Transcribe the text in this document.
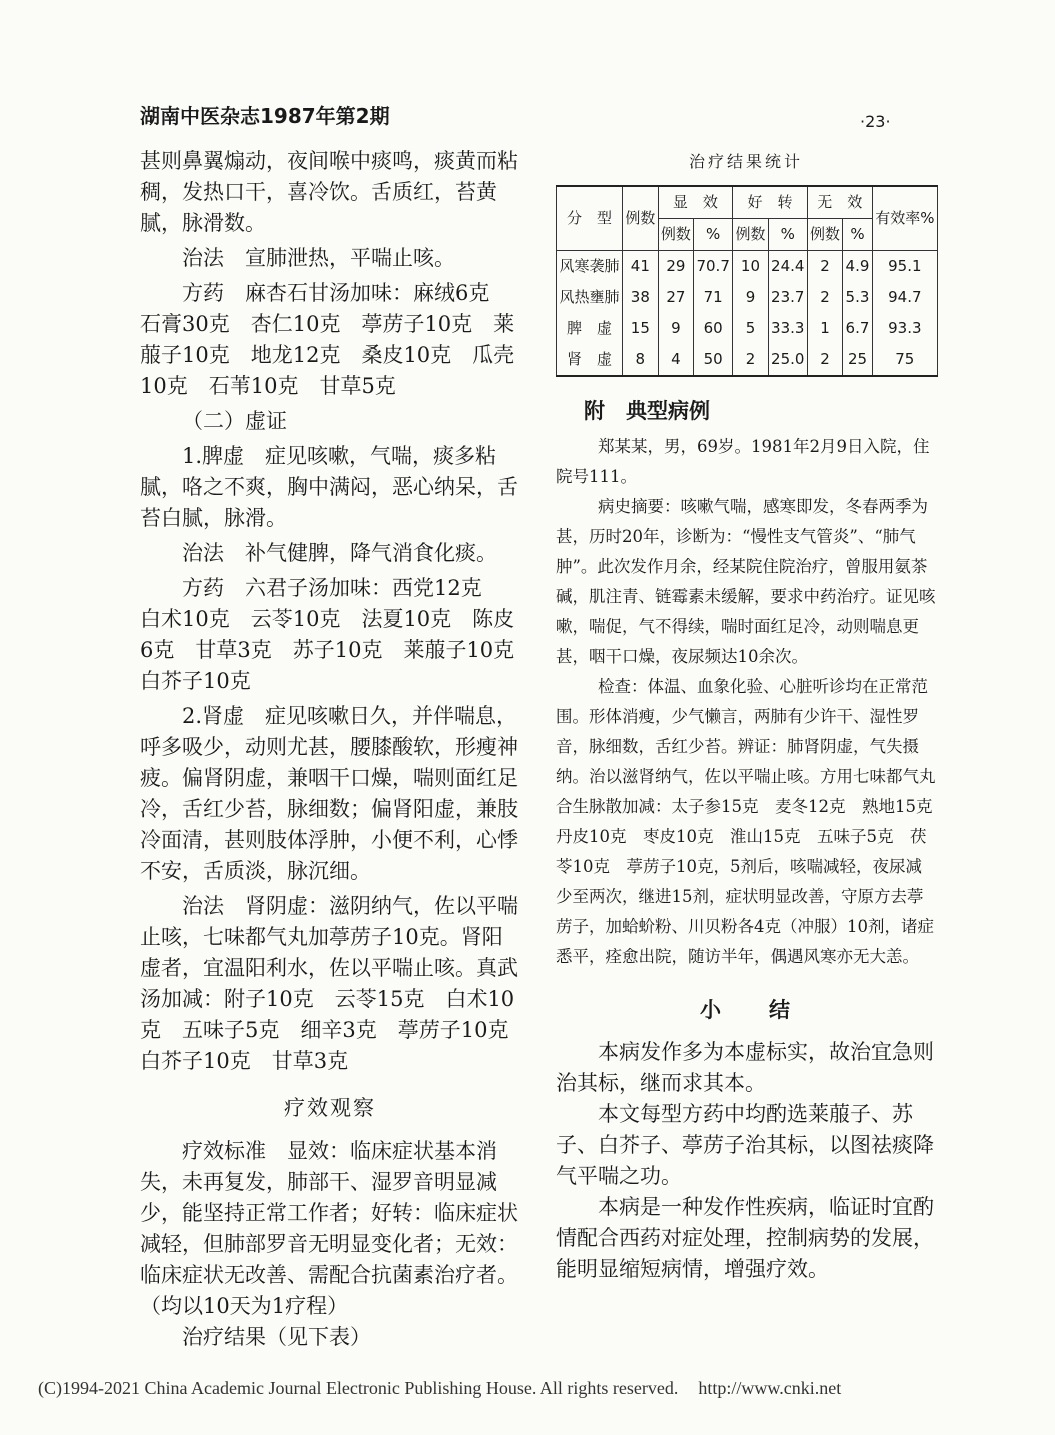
湖南中医杂志1987年第2期	·23·

甚则鼻翼煽动，夜间喉中痰鸣，痰黄而粘稠，发热口干，喜冷饮。舌质红，苔黄腻，脉滑数。

治法　宣肺泄热，平喘止咳。

方药　麻杏石甘汤加味：麻绒6克　石膏30克　杏仁10克　葶苈子10克　莱菔子10克　地龙12克　桑皮10克　瓜壳10克　石苇10克　甘草5克

（二）虚证

1.脾虚　症见咳嗽，气喘，痰多粘腻，咯之不爽，胸中满闷，恶心纳呆，舌苔白腻，脉滑。

治法　补气健脾，降气消食化痰。

方药　六君子汤加味：西党12克　白术10克　云苓10克　法夏10克　陈皮6克　甘草3克　苏子10克　莱菔子10克　白芥子10克

2.肾虚　症见咳嗽日久，并伴喘息，呼多吸少，动则尤甚，腰膝酸软，形瘦神疲。偏肾阴虚，兼咽干口燥，喘则面红足冷，舌红少苔，脉细数；偏肾阳虚，兼肢冷面清，甚则肢体浮肿，小便不利，心悸不安，舌质淡，脉沉细。

治法　肾阴虚：滋阴纳气，佐以平喘止咳，七味都气丸加葶苈子10克。肾阳虚者，宜温阳利水，佐以平喘止咳。真武汤加减：附子10克　云苓15克　白术10克　五味子5克　细辛3克　葶苈子10克　白芥子10克　甘草3克

疗效观察

疗效标准　显效：临床症状基本消失，未再复发，肺部干、湿罗音明显减少，能坚持正常工作者；好转：临床症状减轻，但肺部罗音无明显变化者；无效：临床症状无改善、需配合抗菌素治疗者。

（均以10天为1疗程）

治疗结果（见下表）

治疗结果统计
分　型	例数	显　效		好　转		无　效		有效率%
		例数	%	例数	%	例数	%	
风寒袭肺	41	29	70.7	10	24.4	2	4.9	95.1
风热壅肺	38	27	71	9	23.7	2	5.3	94.7
脾　虚	15	9	60	5	33.3	1	6.7	93.3
肾　虚	8	4	50	2	25.0	2	25	75

附　典型病例

郑某某，男，69岁。1981年2月9日入院，住院号111。

病史摘要：咳嗽气喘，感寒即发，冬春两季为甚，历时20年，诊断为：“慢性支气管炎”、“肺气肿”。此次发作月余，经某院住院治疗，曾服用氨茶碱，肌注青、链霉素未缓解，要求中药治疗。证见咳嗽，喘促，气不得续，喘时面红足冷，动则喘息更甚，咽干口燥，夜尿频达10余次。

检查：体温、血象化验、心脏听诊均在正常范围。形体消瘦，少气懒言，两肺有少许干、湿性罗音，脉细数，舌红少苔。辨证：肺肾阴虚，气失摄纳。治以滋肾纳气，佐以平喘止咳。方用七味都气丸合生脉散加减：太子参15克　麦冬12克　熟地15克　丹皮10克　枣皮10克　淮山15克　五味子5克　茯苓10克　葶苈子10克，5剂后，咳喘减轻，夜尿减少至两次，继进15剂，症状明显改善，守原方去葶苈子，加蛤蚧粉、川贝粉各4克（冲服）10剂，诸症悉平，痊愈出院，随访半年，偶遇风寒亦无大恙。

小　　结

本病发作多为本虚标实，故治宜急则治其标，继而求其本。

本文每型方药中均酌选莱菔子、苏子、白芥子、葶苈子治其标，以图祛痰降气平喘之功。

本病是一种发作性疾病，临证时宜酌情配合西药对症处理，控制病势的发展，能明显缩短病情，增强疗效。

(C)1994-2021 China Academic Journal Electronic Publishing House. All rights reserved. http://www.cnki.net
